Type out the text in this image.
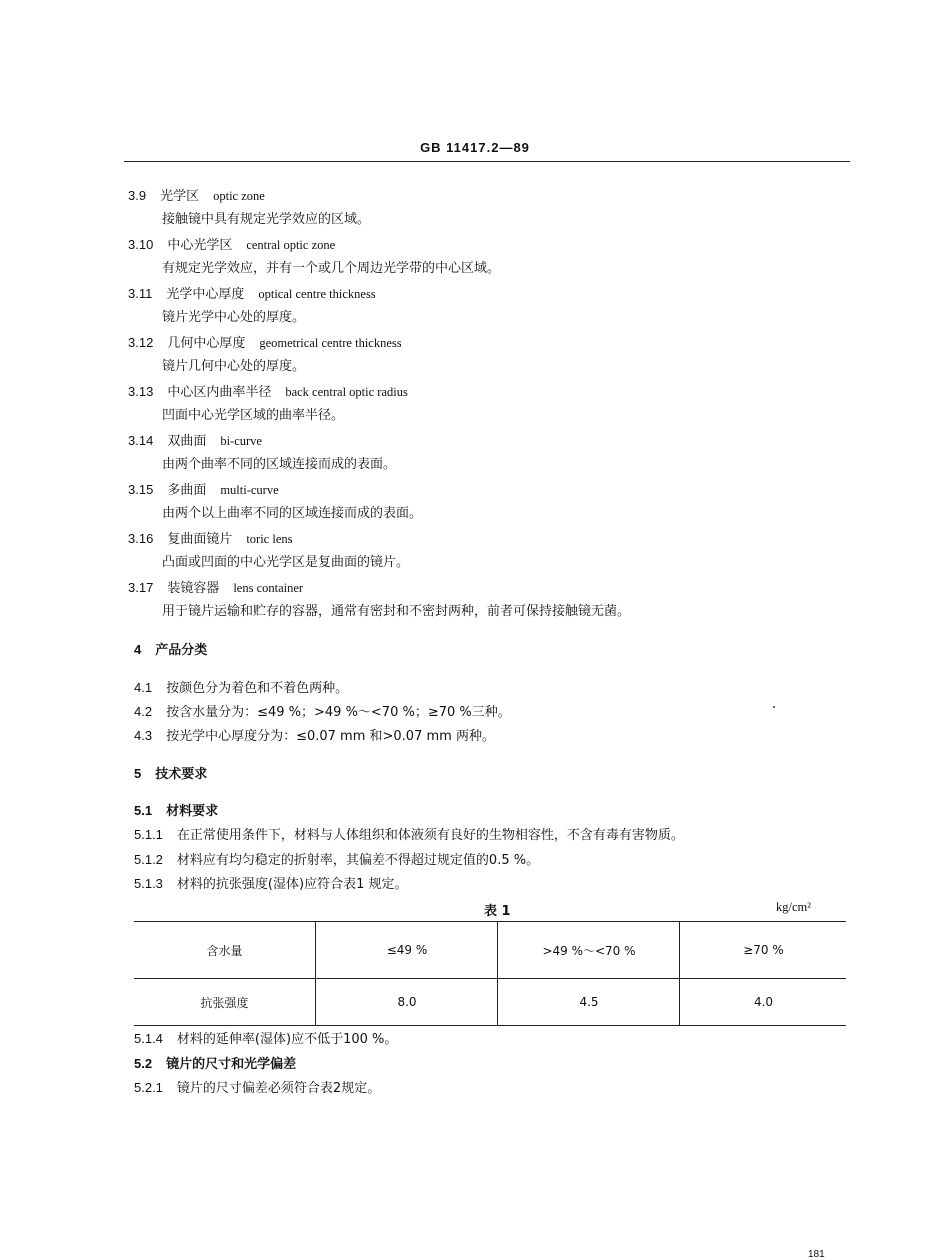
GB 11417.2—89
3.9 光学区 optic zone
接触镜中具有规定光学效应的区域。
3.10 中心光学区 central optic zone
有规定光学效应，并有一个或几个周边光学带的中心区域。
3.11 光学中心厚度 optical centre thickness
镜片光学中心处的厚度。
3.12 几何中心厚度 geometrical centre thickness
镜片几何中心处的厚度。
3.13 中心区内曲率半径 back central optic radius
凹面中心光学区域的曲率半径。
3.14 双曲面 bi-curve
由两个曲率不同的区域连接而成的表面。
3.15 多曲面 multi-curve
由两个以上曲率不同的区域连接而成的表面。
3.16 复曲面镜片 toric lens
凸面或凹面的中心光学区是复曲面的镜片。
3.17 装镜容器 lens container
用于镜片运输和贮存的容器，通常有密封和不密封两种，前者可保持接触镜无菌。
4 产品分类
4.1 按颜色分为着色和不着色两种。
4.2 按含水量分为：≤49 %；>49 %～<70 %；≥70 %三种。
4.3 按光学中心厚度分为：≤0.07 mm 和>0.07 mm 两种。
5 技术要求
5.1 材料要求
5.1.1 在正常使用条件下，材料与人体组织和体液须有良好的生物相容性，不含有毒有害物质。
5.1.2 材料应有均匀稳定的折射率，其偏差不得超过规定值的0.5 %。
5.1.3 材料的抗张强度(湿体)应符合表1 规定。
表 1	kg/cm²
含水量	≤49 %	>49 %～<70 %	≥70 %
抗张强度	8.0	4.5	4.0
5.1.4 材料的延伸率(湿体)应不低于100 %。
5.2 镜片的尺寸和光学偏差
5.2.1 镜片的尺寸偏差必须符合表2规定。
181
